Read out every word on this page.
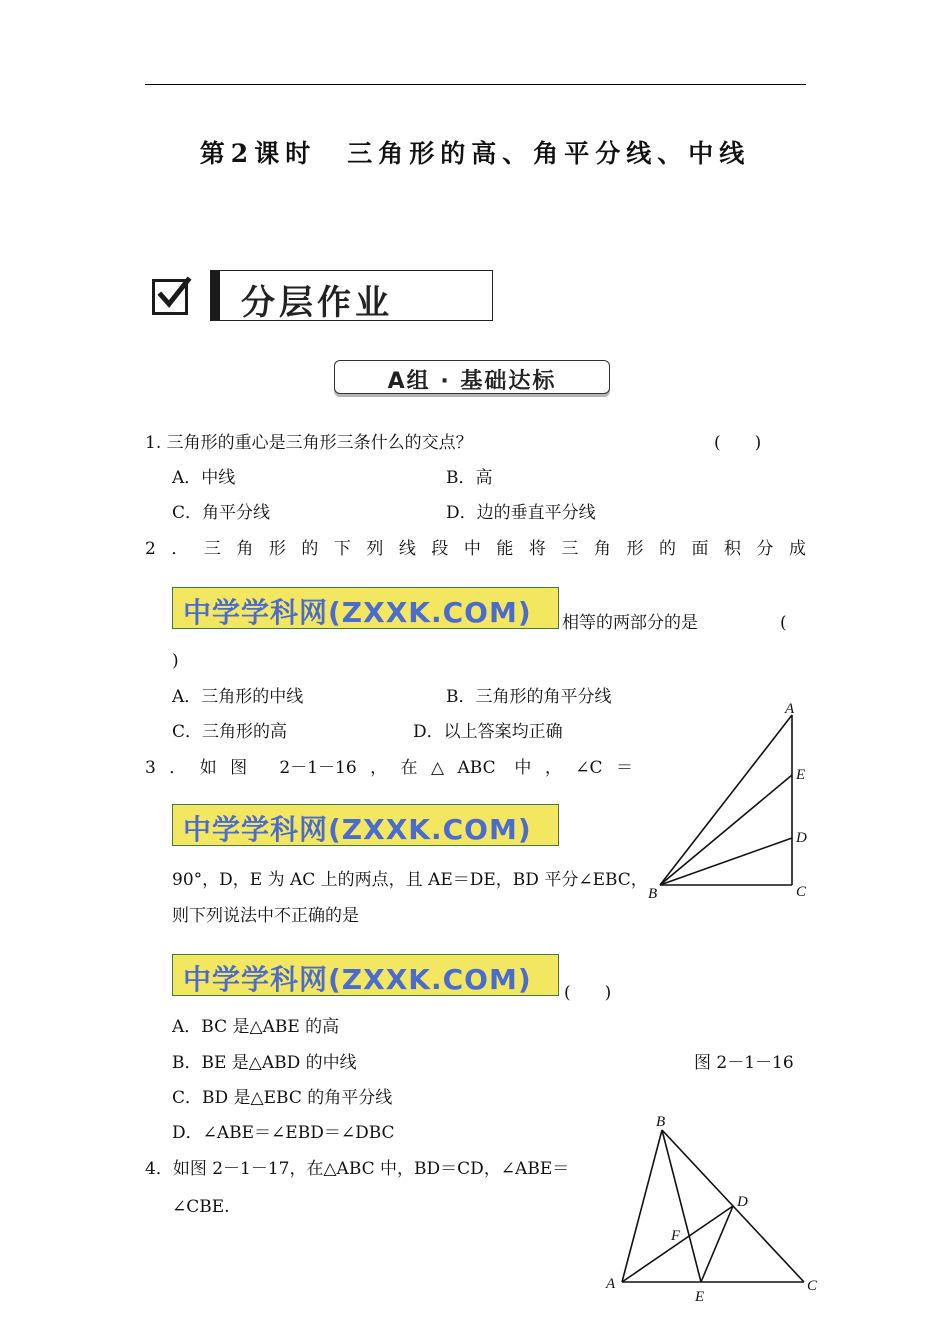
第2课时　三角形的高、角平分线、中线
分层作业
A组 · 基础达标
1. 三角形的重心是三角形三条什么的交点？	(　　)
A．中线	B．高
C．角平分线	D．边的垂直平分线
2．三角形的下列线段中能将三角形的面积分成
中学学科网(ZXXK.COM) 相等的两部分的是	(
)
A．三角形的中线	B．三角形的角平分线
C．三角形的高	D．以上答案均正确
3．如图 2－1－16，在△ABC 中，∠C＝
中学学科网(ZXXK.COM)
90°，D，E 为 AC 上的两点，且 AE＝DE，BD 平分∠EBC，
则下列说法中不正确的是
中学学科网(ZXXK.COM) (　　)
A．BC 是△ABE 的高
B．BE 是△ABD 的中线
C．BD 是△EBC 的角平分线
D．∠ABE＝∠EBD＝∠DBC
图 2－1－16
A
E
D
C
B
4．如图 2－1－17，在△ABC 中，BD＝CD，∠ABE＝
∠CBE.
B
D
F
A	C
E
